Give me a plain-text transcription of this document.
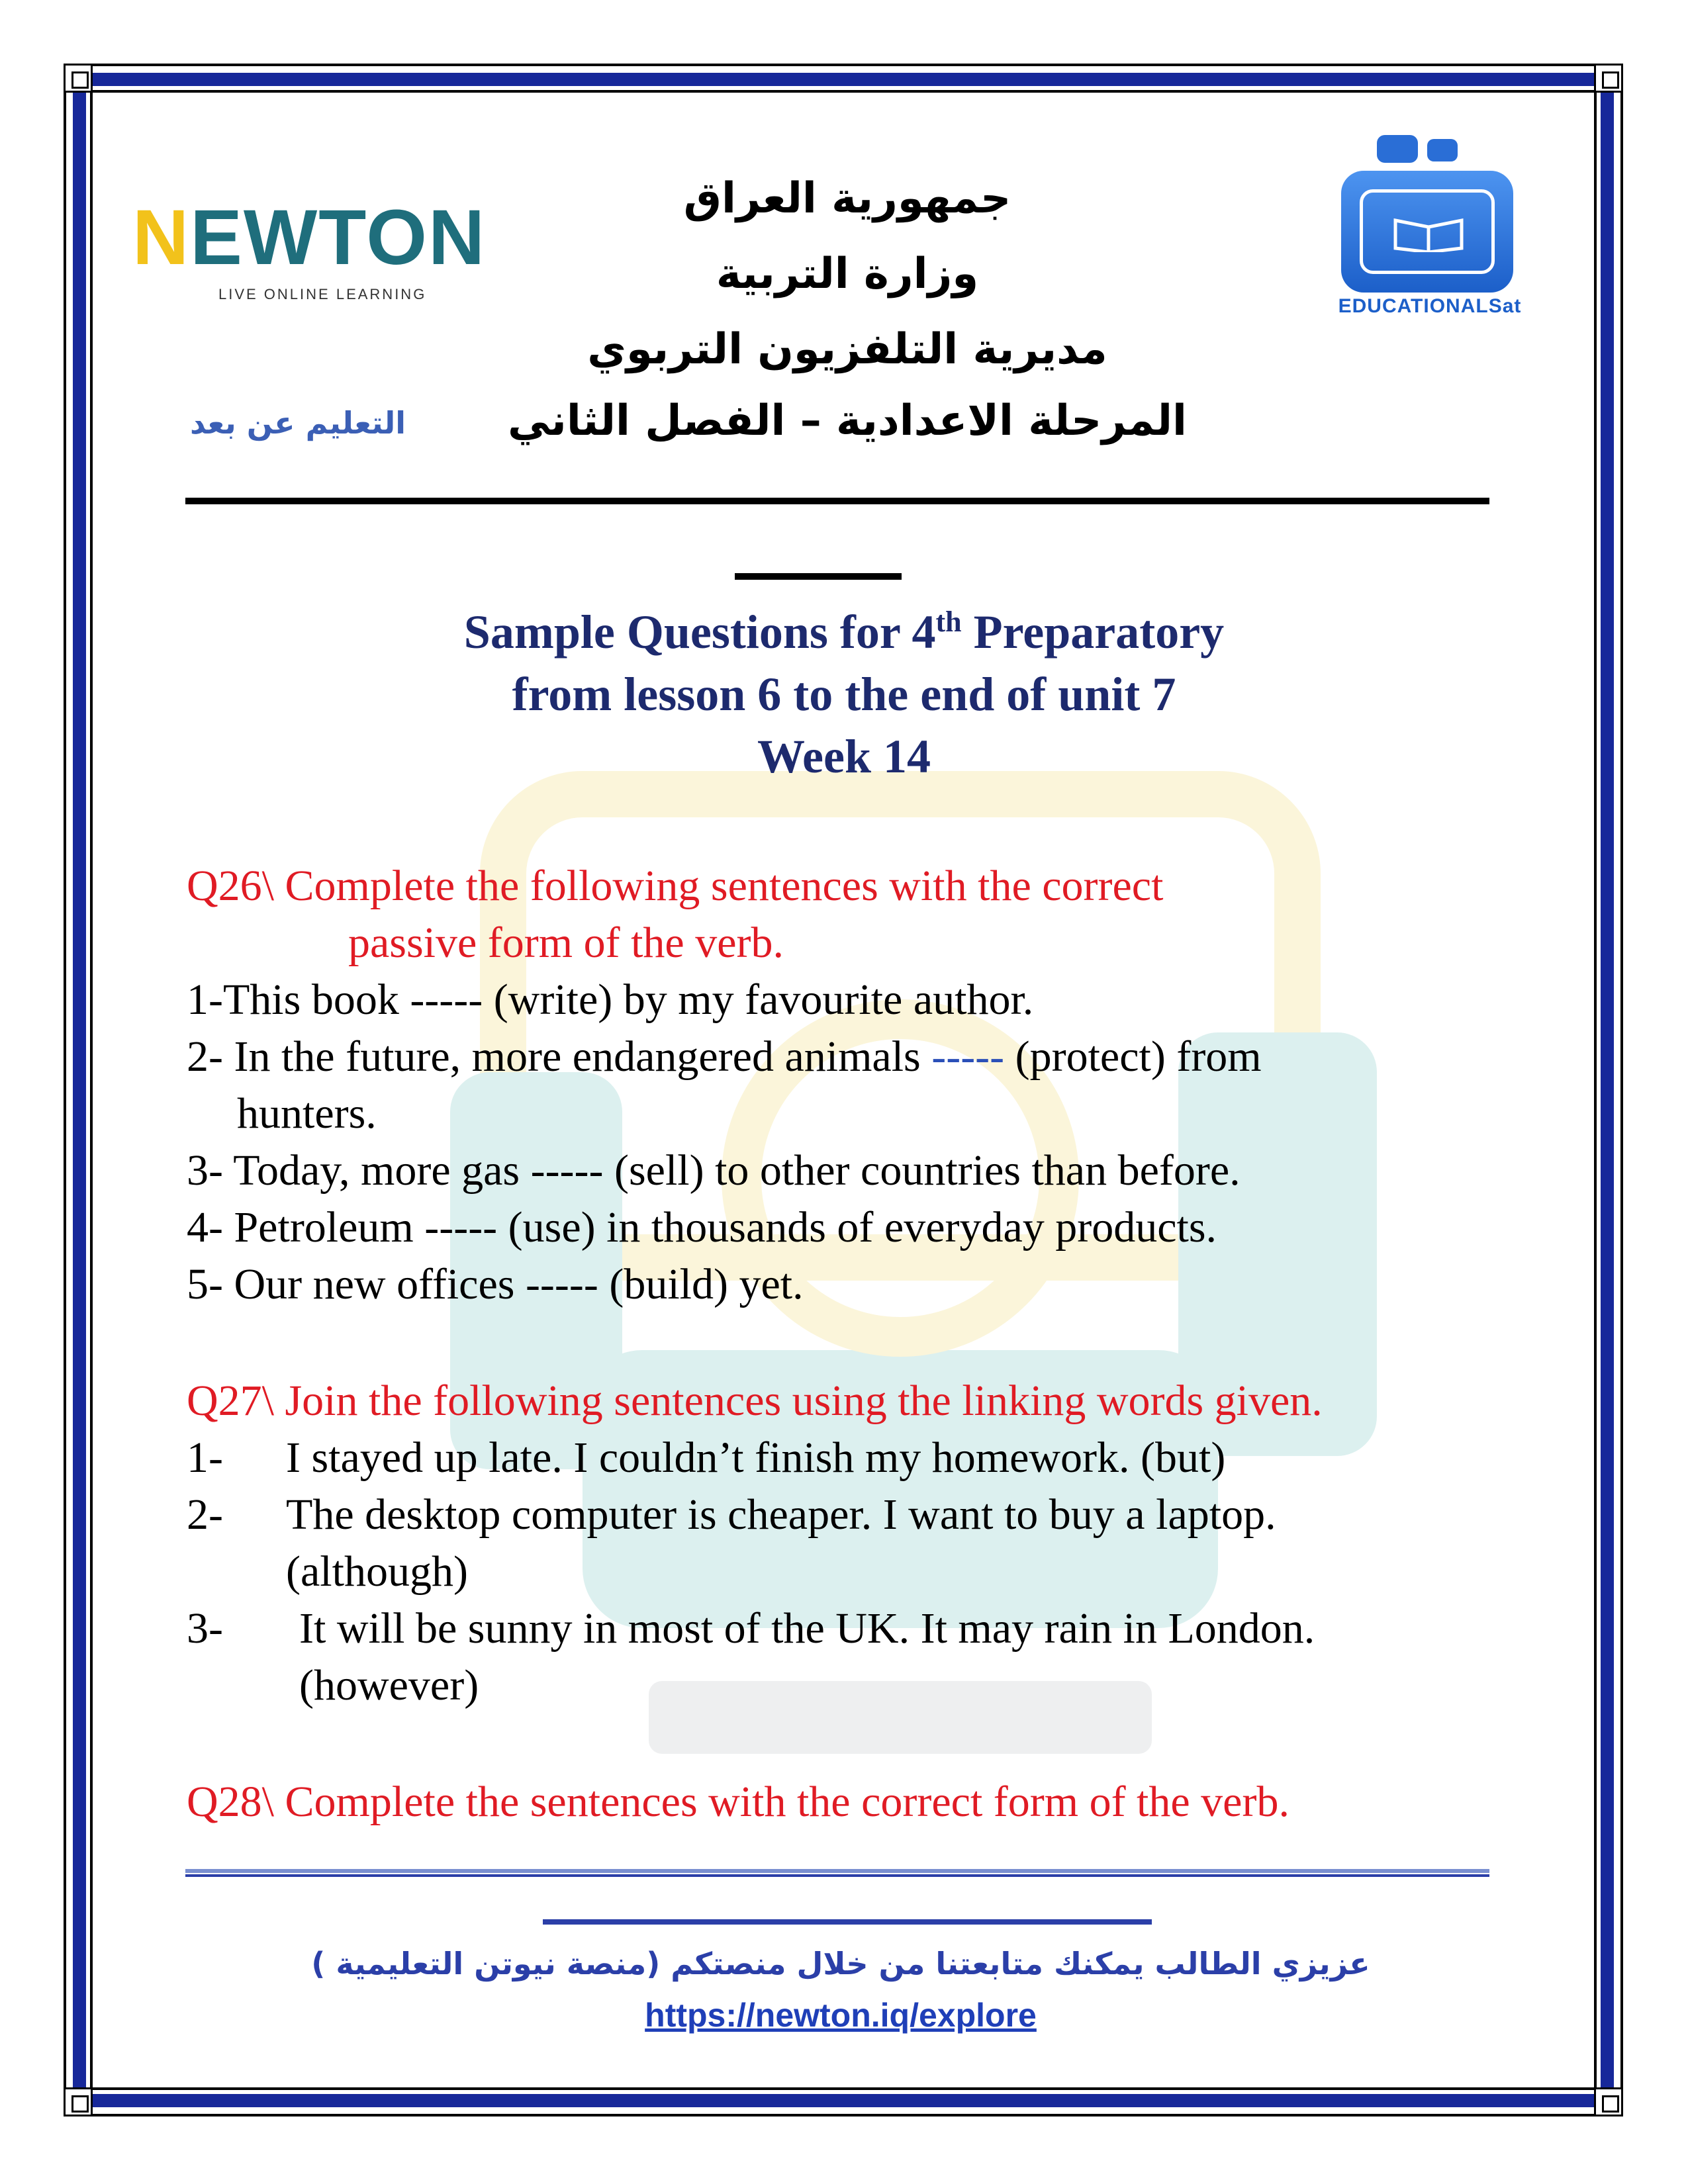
NEWTON
LIVE ONLINE LEARNING
EDUCATIONALSat
جمهورية العراق
وزارة التربية
مديرية التلفزيون التربوي
المرحلة الاعدادية – الفصل الثاني
التعليم عن بعد
Sample Questions for 4th Preparatory
from lesson 6 to the end of unit 7
Week 14
Q26\ Complete the following sentences with the correct
passive form of the verb.
1-This book ----- (write) by my favourite author.
2- In the future, more endangered animals ----- (protect) from
hunters.
3- Today, more gas ----- (sell) to other countries than before.
4- Petroleum ----- (use) in thousands of everyday products.
5- Our new offices ----- (build) yet.
Q27\ Join the following sentences using the linking words given.
1- I stayed up late. I couldn’t finish my homework. (but)
2- The desktop computer is cheaper. I want to buy a laptop.
(although)
3- It will be sunny in most of the UK. It may rain in London.
(however)
Q28\ Complete the sentences with the correct form of the verb.
عزيزي الطالب يمكنك متابعتنا من خلال منصتكم (منصة نيوتن التعليمية )
https://newton.iq/explore
